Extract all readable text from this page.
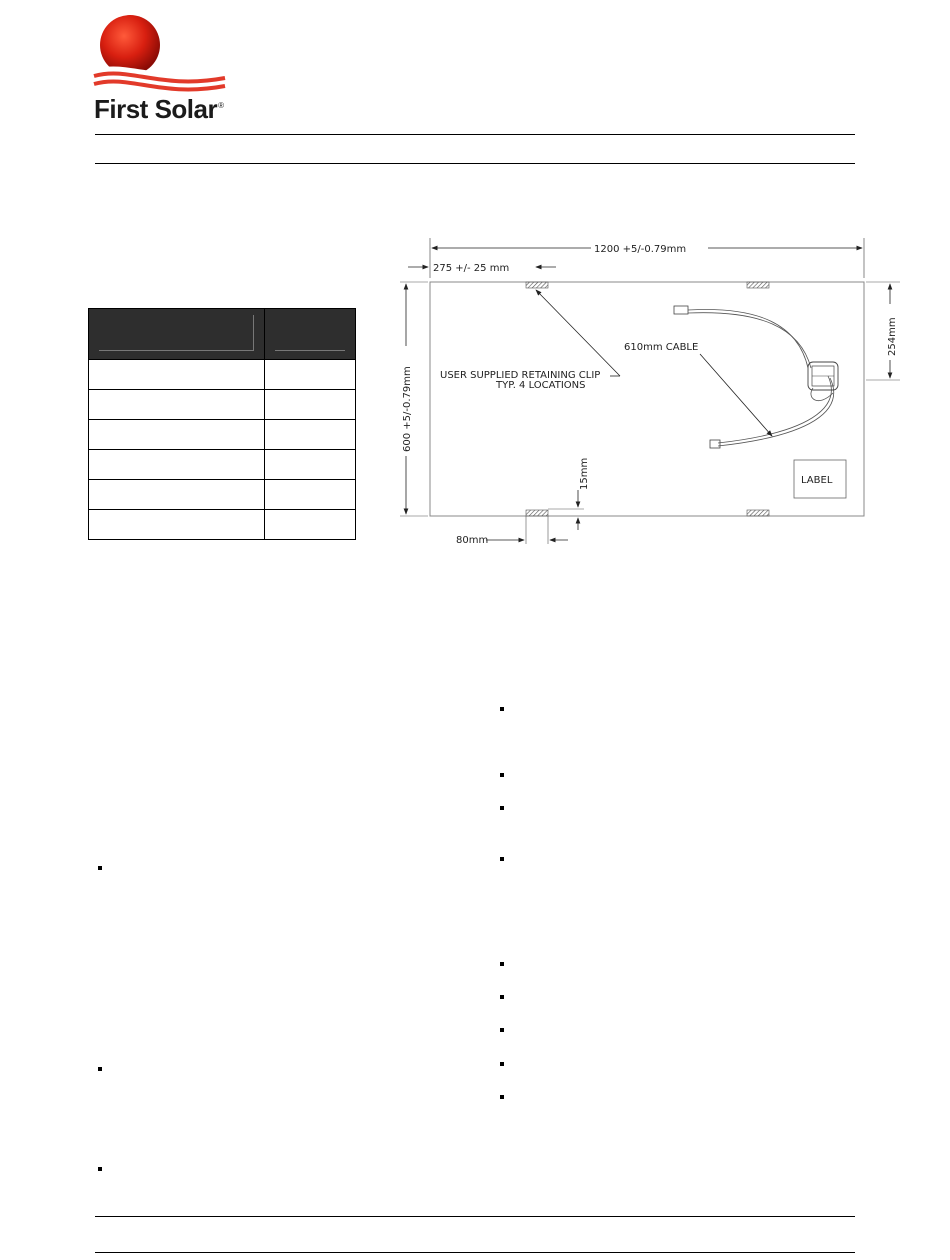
First Solar®

1200 +5/-0.79mm
275 +/- 25 mm
600 +5/-0.79mm
254mm
USER SUPPLIED RETAINING CLIP
TYP. 4 LOCATIONS
610mm CABLE
LABEL
15mm
80mm
